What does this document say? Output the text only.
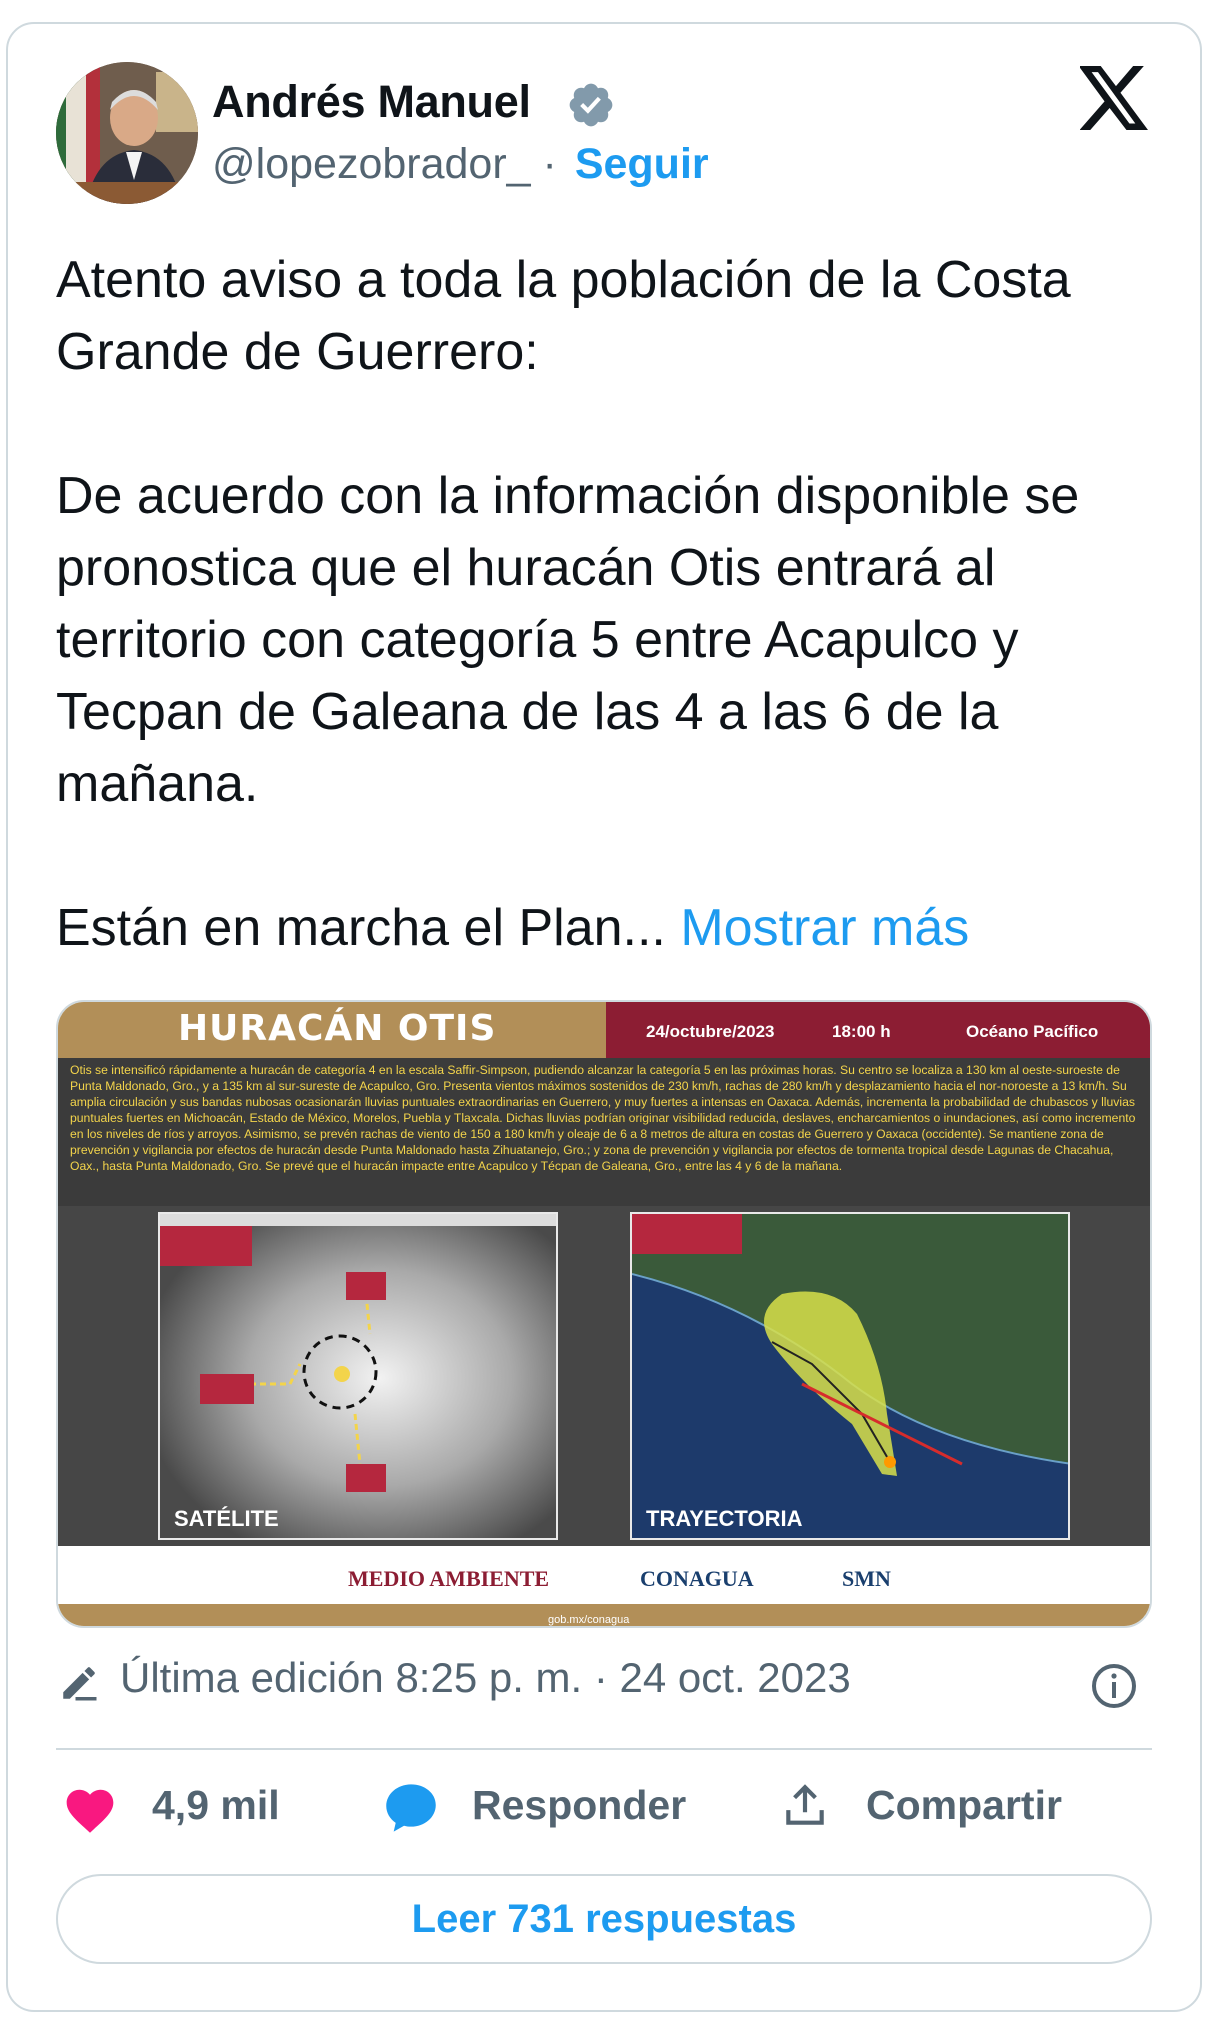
Andrés Manuel
@lopezobrador_ · Seguir

Atento aviso a toda la población de la Costa Grande de Guerrero:

De acuerdo con la información disponible se pronostica que el huracán Otis entrará al territorio con categoría 5 entre Acapulco y Tecpan de Galeana de las 4 a las 6 de la mañana.

Están en marcha el Plan... Mostrar más

HURACÁN OTIS	24/octubre/2023	18:00 h	Océano Pacífico
Otis se intensificó rápidamente a huracán de categoría 4 en la escala Saffir-Simpson, pudiendo alcanzar la categoría 5 en las próximas horas. Su centro se localiza a 130 km al oeste-suroeste de Punta Maldonado, Gro., y a 135 km al sur-sureste de Acapulco, Gro. Presenta vientos máximos sostenidos de 230 km/h, rachas de 280 km/h y desplazamiento hacia el nor-noroeste a 13 km/h. Su amplia circulación y sus bandas nubosas ocasionarán lluvias puntuales extraordinarias en Guerrero, y muy fuertes a intensas en Oaxaca. Además, incrementa la probabilidad de chubascos y lluvias puntuales fuertes en Michoacán, Estado de México, Morelos, Puebla y Tlaxcala. Dichas lluvias podrían originar visibilidad reducida, deslaves, encharcamientos o inundaciones, así como incremento en los niveles de ríos y arroyos. Asimismo, se prevén rachas de viento de 150 a 180 km/h y oleaje de 6 a 8 metros de altura en costas de Guerrero y Oaxaca (occidente). Se mantiene zona de prevención y vigilancia por efectos de huracán desde Punta Maldonado hasta Zihuatanejo, Gro.; y zona de prevención y vigilancia por efectos de tormenta tropical desde Lagunas de Chacahua, Oax., hasta Punta Maldonado, Gro. Se prevé que el huracán impacte entre Acapulco y Técpan de Galeana, Gro., entre las 4 y 6 de la mañana.
SATÉLITE	TRAYECTORIA
MEDIO AMBIENTE	CONAGUA	SMN
gob.mx/conagua
Última edición 8:25 p. m. · 24 oct. 2023
4,9 mil	Responder	Compartir
Leer 731 respuestas
